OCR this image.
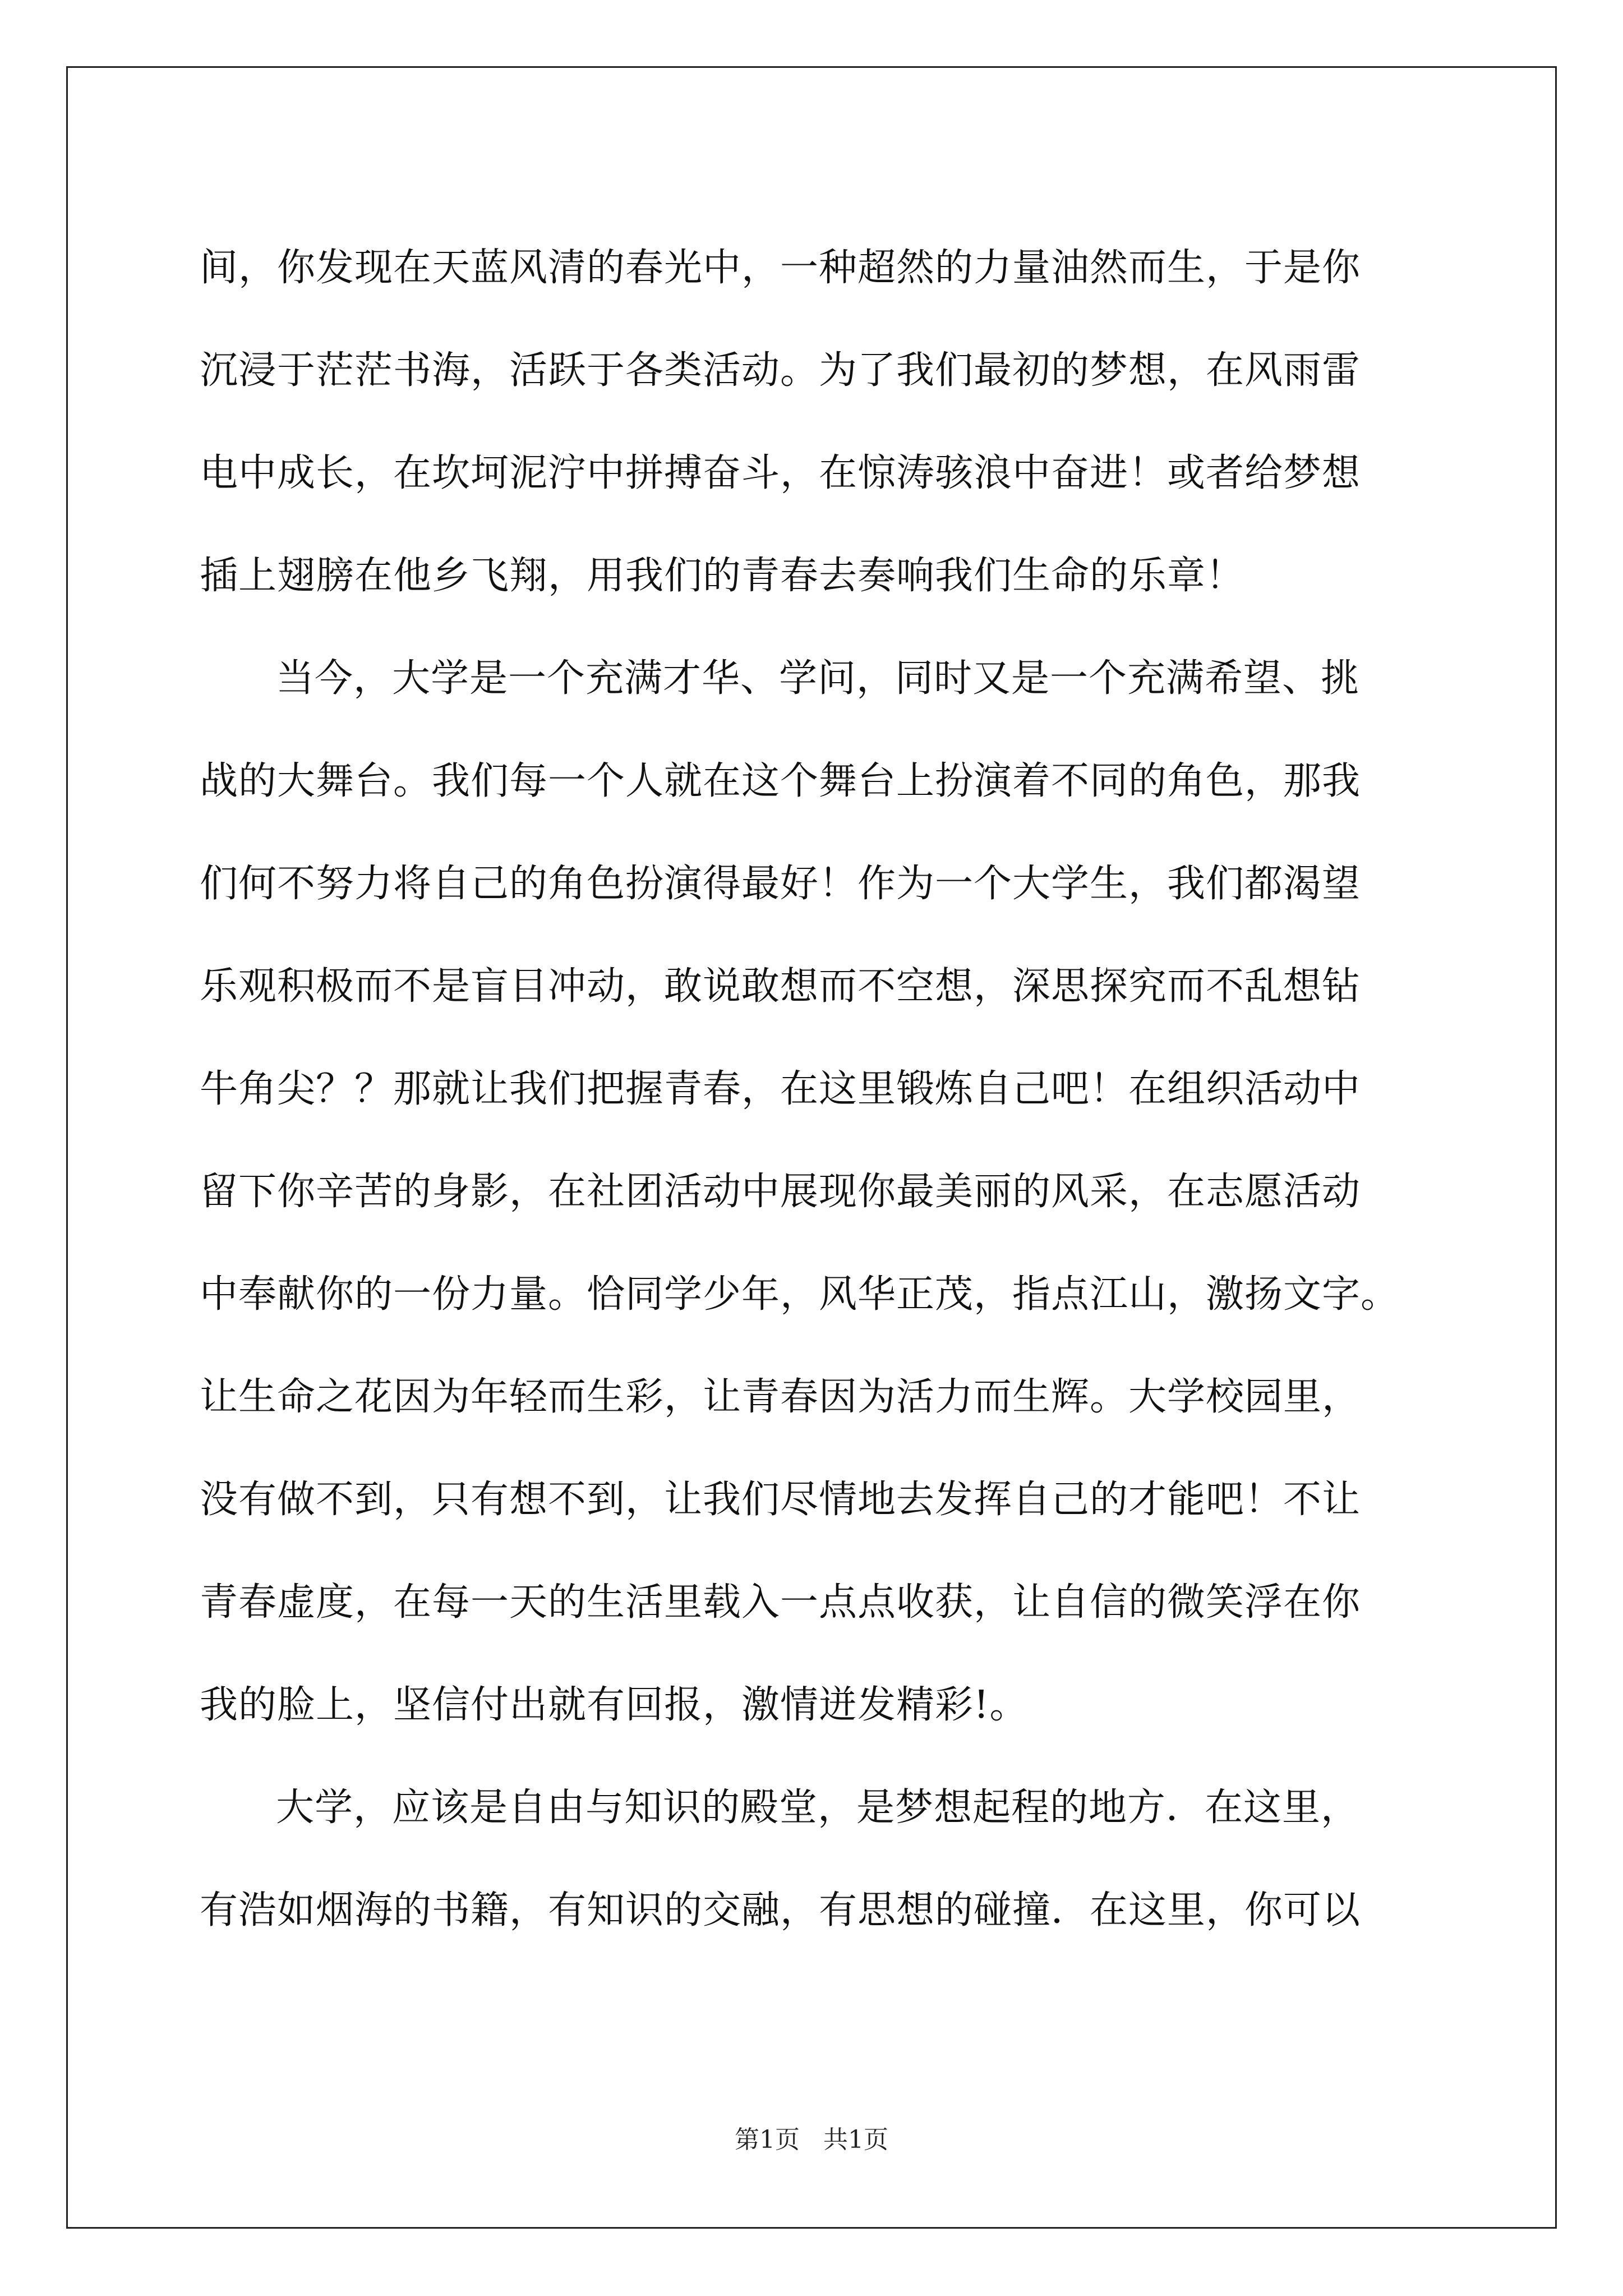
间，你发现在天蓝风清的春光中，一种超然的力量油然而生，于是你
沉浸于茫茫书海，活跃于各类活动。为了我们最初的梦想，在风雨雷
电中成长，在坎坷泥泞中拼搏奋斗，在惊涛骇浪中奋进！或者给梦想
插上翅膀在他乡飞翔，用我们的青春去奏响我们生命的乐章！

当今，大学是一个充满才华、学问，同时又是一个充满希望、挑
战的大舞台。我们每一个人就在这个舞台上扮演着不同的角色，那我
们何不努力将自己的角色扮演得最好！作为一个大学生，我们都渴望
乐观积极而不是盲目冲动，敢说敢想而不空想，深思探究而不乱想钻
牛角尖？？那就让我们把握青春，在这里锻炼自己吧！在组织活动中
留下你辛苦的身影，在社团活动中展现你最美丽的风采，在志愿活动
中奉献你的一份力量。恰同学少年，风华正茂，指点江山，激扬文字。
让生命之花因为年轻而生彩，让青春因为活力而生辉。大学校园里，
没有做不到，只有想不到，让我们尽情地去发挥自己的才能吧！不让
青春虚度，在每一天的生活里载入一点点收获，让自信的微笑浮在你
我的脸上，坚信付出就有回报，激情迸发精彩!。

大学，应该是自由与知识的殿堂，是梦想起程的地方．在这里，
有浩如烟海的书籍，有知识的交融，有思想的碰撞．在这里，你可以

第1页 共1页
